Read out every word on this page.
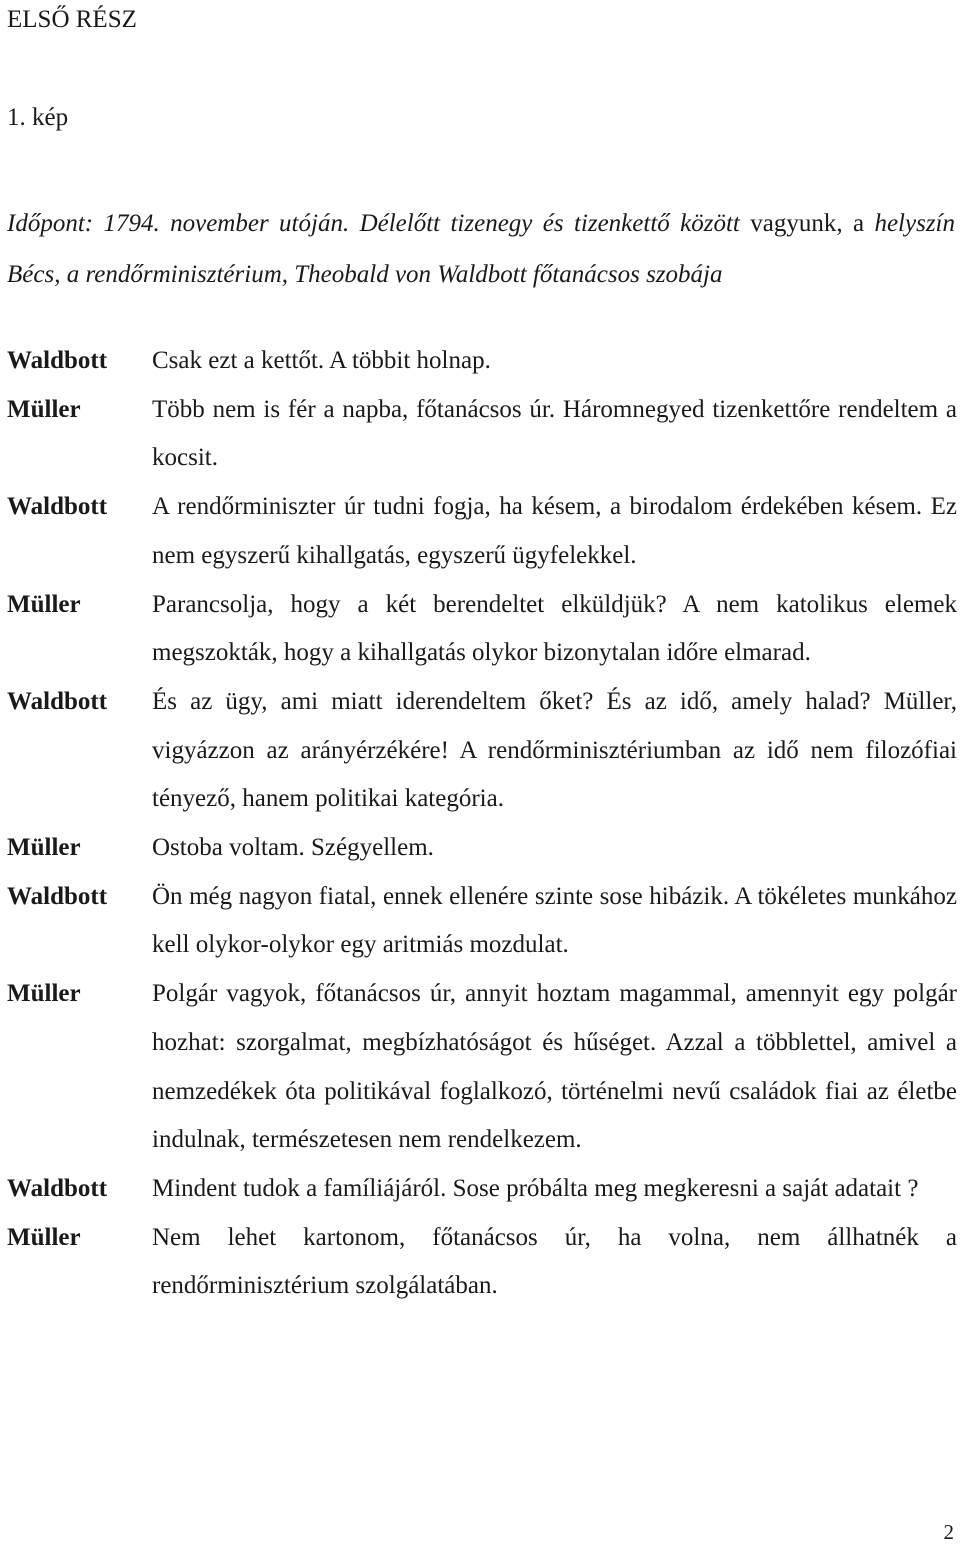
ELSŐ RÉSZ
1. kép

Időpont: 1794. november utóján. Délelőtt tizenegy és tizenkettő között vagyunk, a helyszín Bécs, a rendőrminisztérium, Theobald von Waldbott főtanácsos szobája

Waldbott	Csak ezt a kettőt. A többit holnap.
Müller	Több nem is fér a napba, főtanácsos úr. Háromnegyed tizenkettőre rendeltem a kocsit.
Waldbott	A rendőrminiszter úr tudni fogja, ha késem, a birodalom érdekében késem. Ez nem egyszerű kihallgatás, egyszerű ügyfelekkel.
Müller	Parancsolja, hogy a két berendeltet elküldjük? A nem katolikus elemek megszokták, hogy a kihallgatás olykor bizonytalan időre elmarad.
Waldbott	És az ügy, ami miatt iderendeltem őket? És az idő, amely halad? Müller, vigyázzon az arányérzékére! A rendőrminisztériumban az idő nem filozófiai tényező, hanem politikai kategória.
Müller	Ostoba voltam. Szégyellem.
Waldbott	Ön még nagyon fiatal, ennek ellenére szinte sose hibázik. A tökéletes munkához kell olykor-olykor egy aritmiás mozdulat.
Müller	Polgár vagyok, főtanácsos úr, annyit hoztam magammal, amennyit egy polgár hozhat: szorgalmat, megbízhatóságot és hűséget. Azzal a többlettel, amivel a nemzedékek óta politikával foglalkozó, történelmi nevű családok fiai az életbe indulnak, természetesen nem rendelkezem.
Waldbott	Mindent tudok a famíliájáról. Sose próbálta meg megkeresni a saját adatait ?
Müller	Nem lehet kartonom, főtanácsos úr, ha volna, nem állhatnék a rendőrminisztérium szolgálatában.
2
